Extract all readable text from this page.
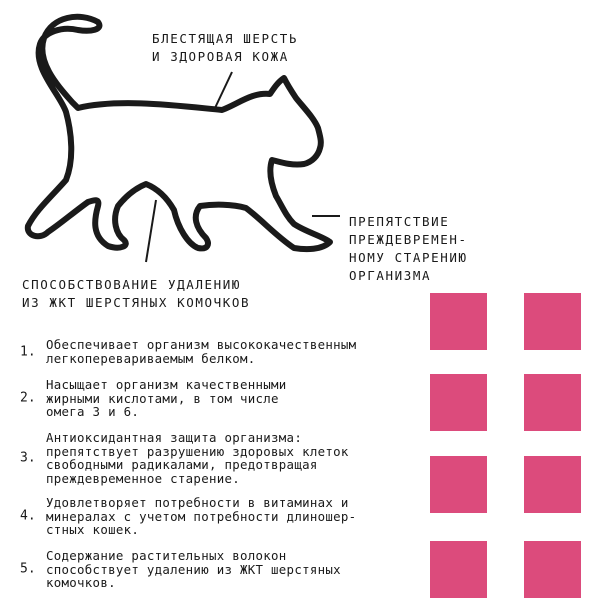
БЛЕСТЯЩАЯ ШЕРСТЬ
И ЗДОРОВАЯ КОЖА
ПРЕПЯТСТВИЕ
ПРЕЖДЕВРЕМЕН-
НОМУ СТАРЕНИЮ
ОРГАНИЗМА
СПОСОБСТВОВАНИЕ УДАЛЕНИЮ
ИЗ ЖКТ ШЕРСТЯНЫХ КОМОЧКОВ
1. Обеспечивает организм высококачественным
легкоперевариваемым белком.
2.
Насыщает организм качественными
жирными кислотами, в том числе
омега 3 и 6.
3.
Антиоксидантная защита организма:
препятствует разрушению здоровых клеток
свободными радикалами, предотвращая
преждевременное старение.
4.
Удовлетворяет потребности в витаминах и
минералах с учетом потребности длиношер-
стных кошек.
5.
Содержание растительных волокон
способствует удалению из ЖКТ шерстяных
комочков.
